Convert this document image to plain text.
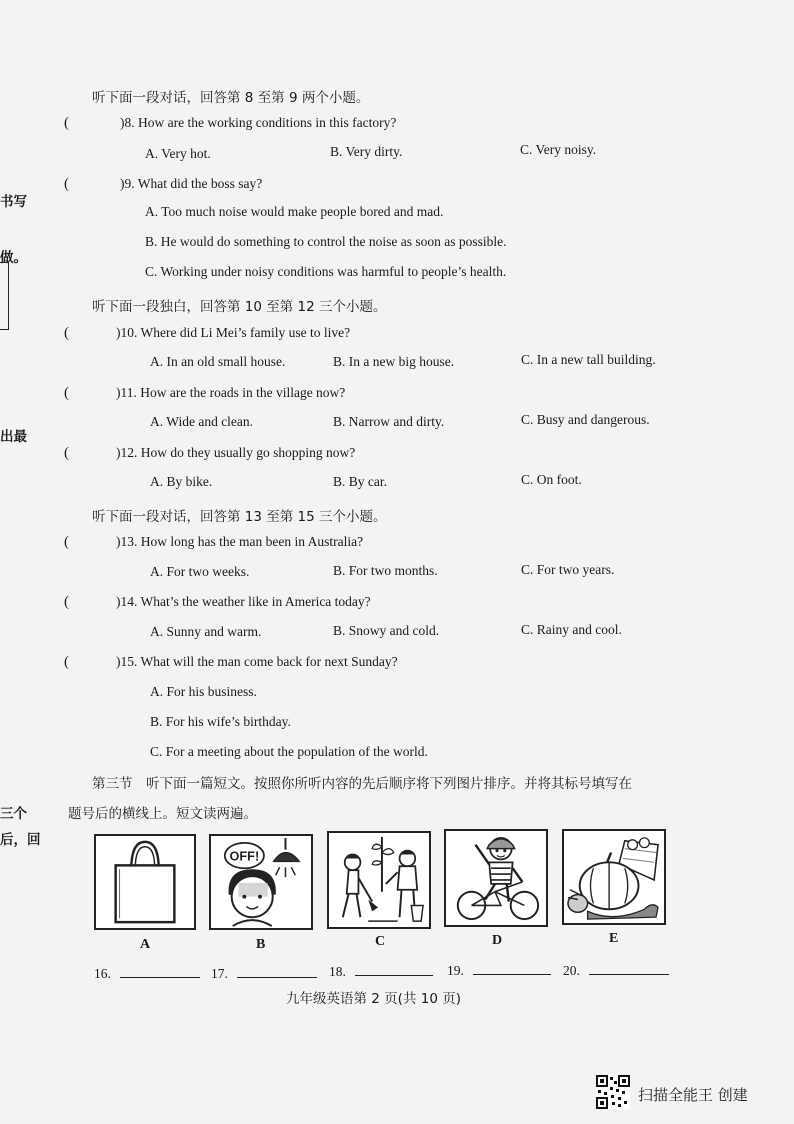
书写
做。
出最
三个
后，回
听下面一段对话，回答第 8 至第 9 两个小题。
(	)8. How are the working conditions in this factory?
A. Very hot.	B. Very dirty.	C. Very noisy.
(	)9. What did the boss say?
A. Too much noise would make people bored and mad.
B. He would do something to control the noise as soon as possible.
C. Working under noisy conditions was harmful to people’s health.
听下面一段独白，回答第 10 至第 12 三个小题。
(	)10. Where did Li Mei’s family use to live?
A. In an old small house.	B. In a new big house.	C. In a new tall building.
(	)11. How are the roads in the village now?
A. Wide and clean.	B. Narrow and dirty.	C. Busy and dangerous.
(	)12. How do they usually go shopping now?
A. By bike.	B. By car.	C. On foot.
听下面一段对话，回答第 13 至第 15 三个小题。
(	)13. How long has the man been in Australia?
A. For two weeks.	B. For two months.	C. For two years.
(	)14. What’s the weather like in America today?
A. Sunny and warm.	B. Snowy and cold.	C. Rainy and cool.
(	)15. What will the man come back for next Sunday?
A. For his business.
B. For his wife’s birthday.
C. For a meeting about the population of the world.
第三节　听下面一篇短文。按照你所听内容的先后顺序将下列图片排序。并将其标号填写在
题号后的横线上。短文读两遍。
A
OFF!
B	C	D	E
16.	17.	18.	19.	20.
九年级英语第 2 页(共 10 页)
扫描全能王 创建
